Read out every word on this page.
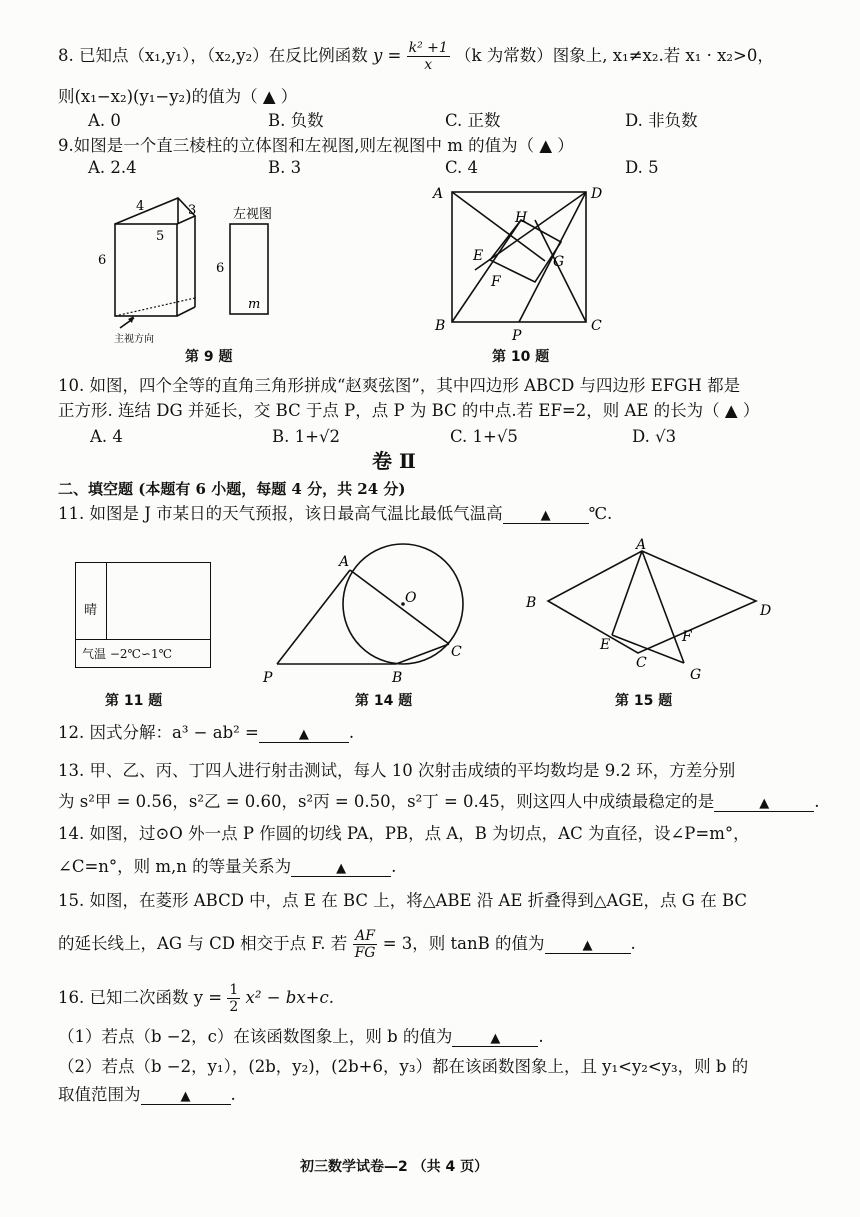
8. 已知点（x₁,y₁），（x₂,y₂）在反比例函数 $y = \frac{\text{k² +1}}{x} (k$ 为常数）图象上, x₁≠x₂.若 x₁ · x₂>0，
则(x₁−x₂)(y₁−y₂)的值为（ ▲ ）
A. 0	B. 负数	C. 正数	D. 非负数
9.如图是一个直三棱柱的立体图和左视图,则左视图中 m 的值为（ ▲ ）
A. 2.4	B. 3	C. 4	D. 5
4	3
5
6
左视图
6
m
主视方向
第 9 题
A	D
B	C
H
E	G
F
P
第 10 题
10. 如图，四个全等的直角三角形拼成“赵爽弦图”，其中四边形 ABCD 与四边形 EFGH 都是
正方形. 连结 DG 并延长，交 BC 于点 P，点 P 为 BC 的中点.若 EF=2，则 AE 的长为（ ▲ ）
A. 4	B. 1+√2	C. 1+√5	D. √3
卷 Ⅱ
二、填空题 (本题有 6 小题，每题 4 分，共 24 分)
11. 如图是 J 市某日的天气预报，该日最高气温比最低气温高	▲ ℃.
晴
气温 −2℃∽1℃
第 11 题
A
O
P	B
C
第 14 题
A
B	D
E	F
C
G
第 15 题
12. 因式分解：a³ − ab² =	▲ .
13. 甲、乙、丙、丁四人进行射击测试，每人 10 次射击成绩的平均数均是 9.2 环，方差分别
为 s²甲 = 0.56，s²乙 = 0.60，s²丙 = 0.50，s²丁 = 0.45，则这四人中成绩最稳定的是	▲	.
14. 如图，过⊙O 外一点 P 作圆的切线 PA，PB，点 A，B 为切点，AC 为直径，设∠P=m°，
∠C=n°，则 m,n 的等量关系为	▲	.
15. 如图，在菱形 ABCD 中，点 E 在 BC 上，将△ABE 沿 AE 折叠得到△AGE，点 G 在 BC
的延长线上，AG 与 CD 相交于点 F. 若 $\frac{AF}{FG} = 3$，则 tanB 的值为	▲ .
16. 已知二次函数 $y = \frac{1}{2} x^2 - bx+c$.
（1）若点（b −2，c）在该函数图象上，则 b 的值为	▲ .
（2）若点（b −2，y₁），(2b，y₂)，(2b+6，y₃）都在该函数图象上，且 y₁<y₂<y₃，则 b 的
取值范围为	▲ .
初三数学试卷—2 （共 4 页）
